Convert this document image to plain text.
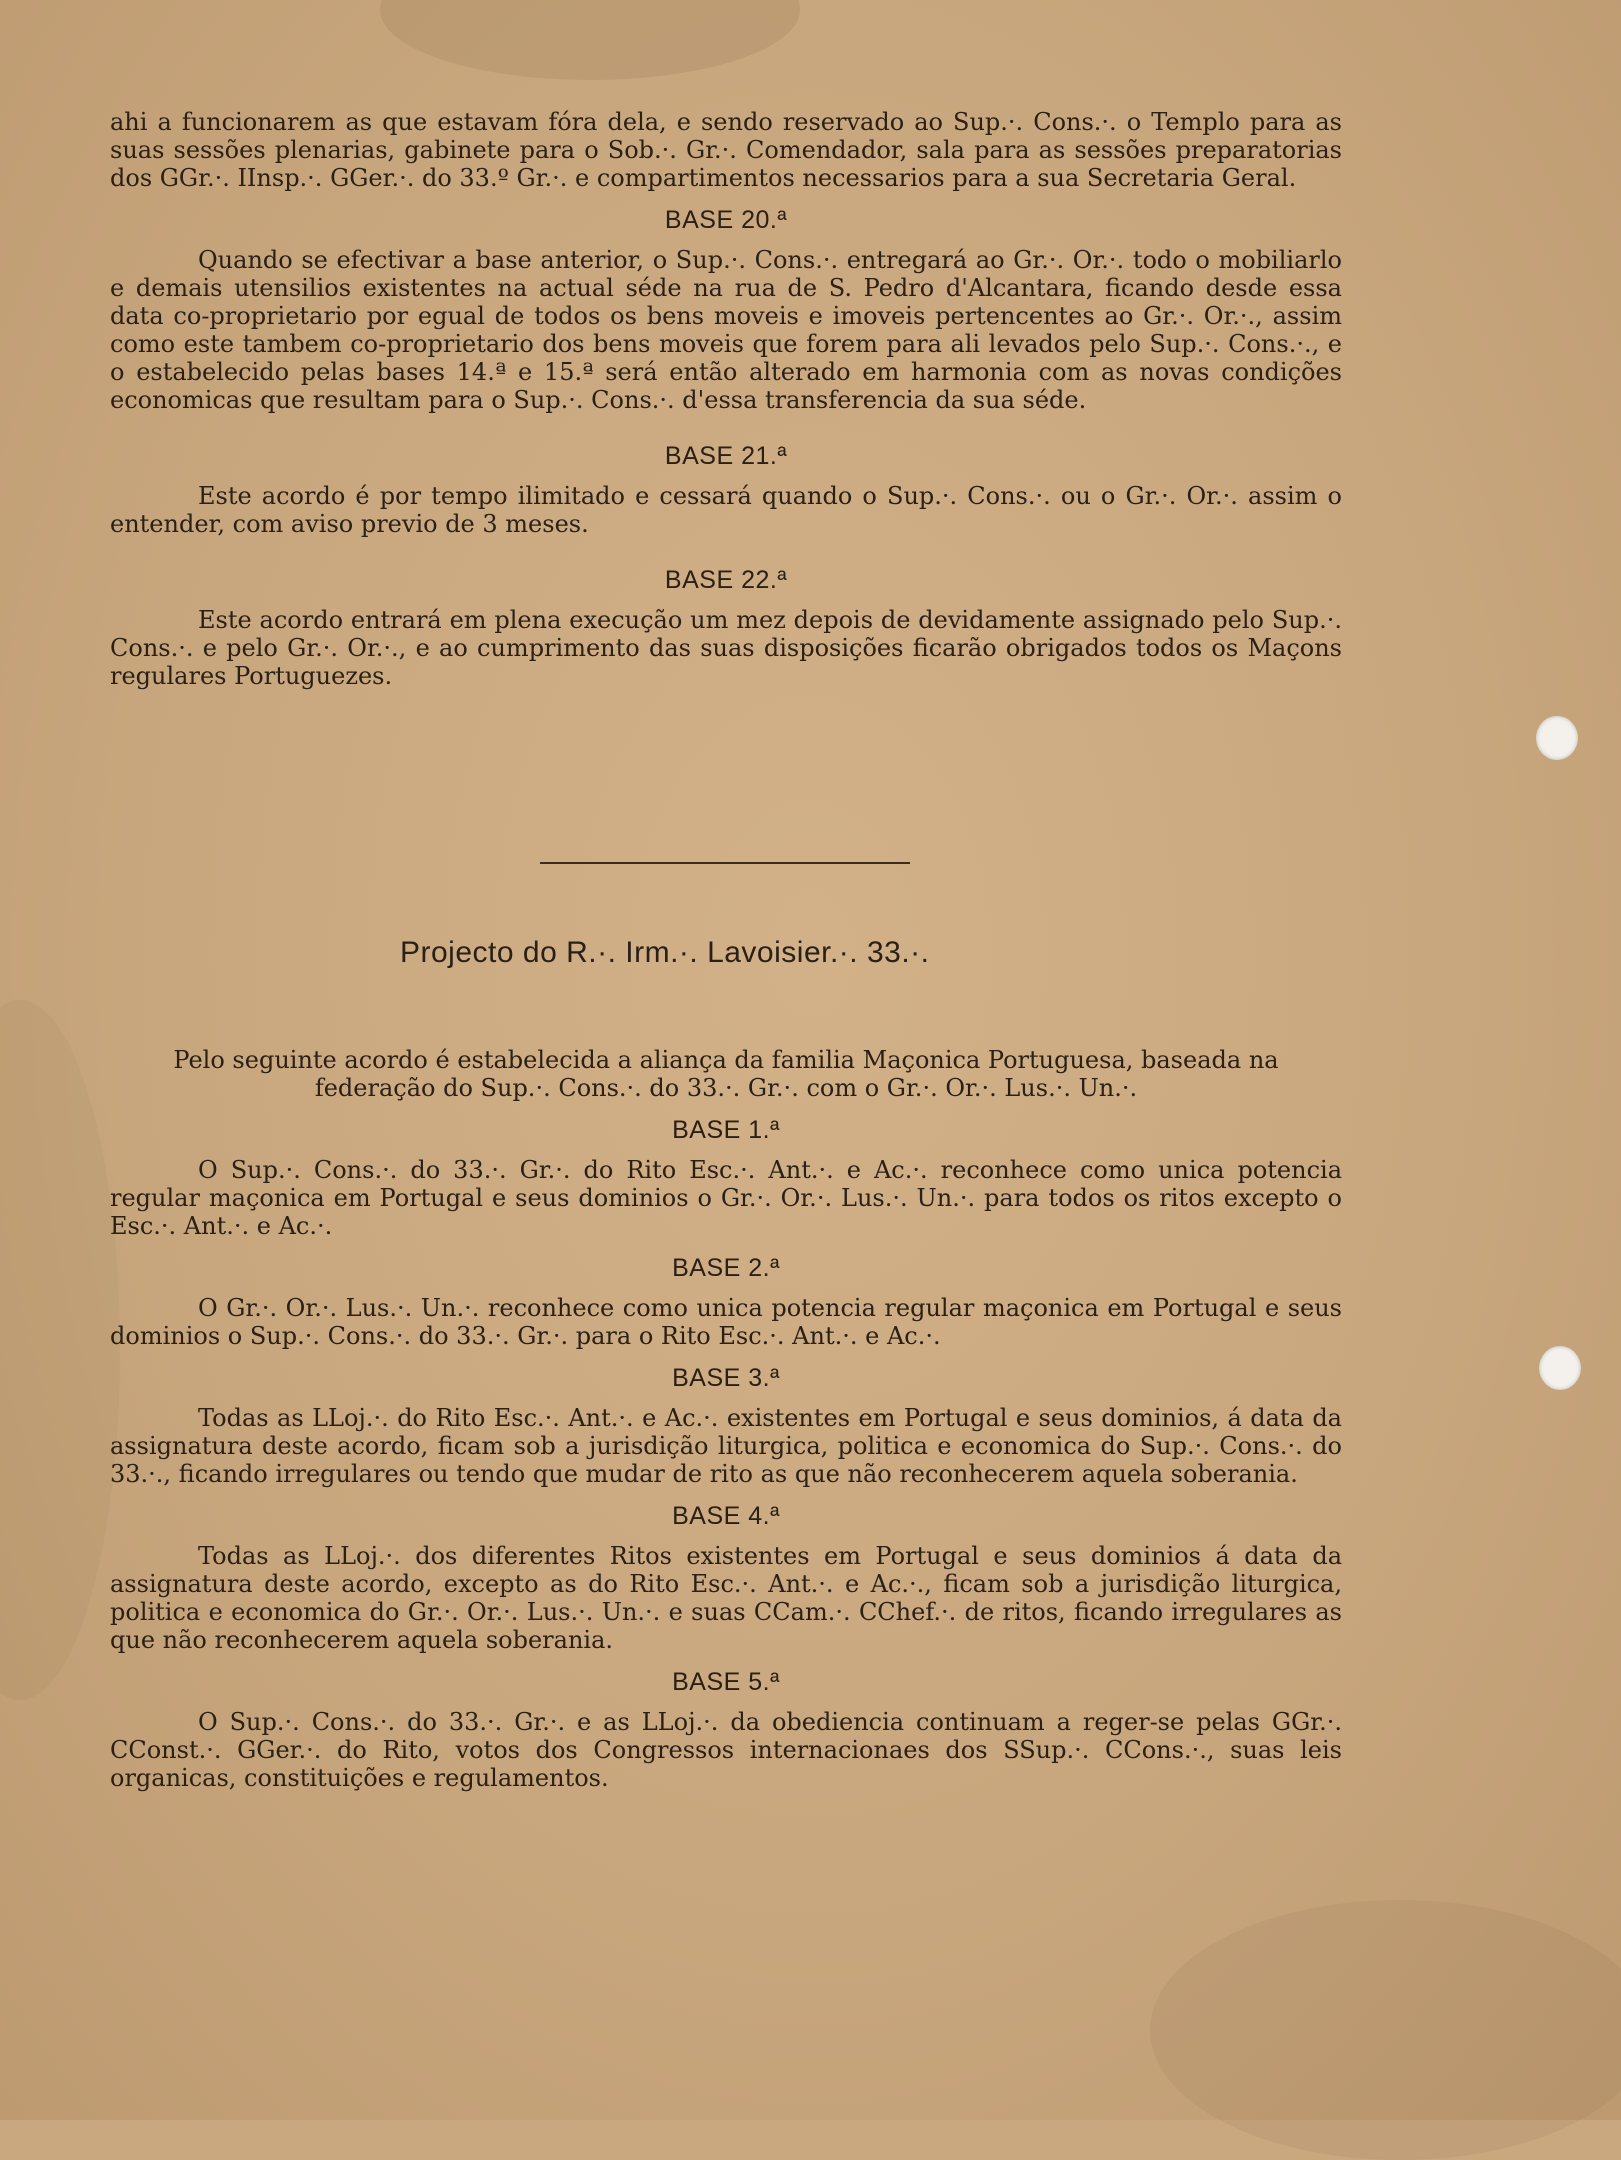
ahi a funcionarem as que estavam fóra dela, e sendo reservado ao Sup.·. Cons.·. o Templo para as suas sessões plenarias, gabinete para o Sob.·. Gr.·. Comendador, sala para as sessões preparatorias dos GGr.·. IInsp.·. GGer.·. do 33.º Gr.·. e compartimentos necessarios para a sua Secretaria Geral.

BASE 20.ª

Quando se efectivar a base anterior, o Sup.·. Cons.·. entregará ao Gr.·. Or.·. todo o mobiliarlo e demais utensilios existentes na actual séde na rua de S. Pedro d'Alcantara, ficando desde essa data co-proprietario por egual de todos os bens moveis e imoveis pertencentes ao Gr.·. Or.·., assim como este tambem co-proprietario dos bens moveis que forem para ali levados pelo Sup.·. Cons.·., e o estabelecido pelas bases 14.ª e 15.ª será então alterado em harmonia com as novas condições economicas que resultam para o Sup.·. Cons.·. d'essa transferencia da sua séde.

BASE 21.ª

Este acordo é por tempo ilimitado e cessará quando o Sup.·. Cons.·. ou o Gr.·. Or.·. assim o entender, com aviso previo de 3 meses.

BASE 22.ª

Este acordo entrará em plena execução um mez depois de devidamente assignado pelo Sup.·. Cons.·. e pelo Gr.·. Or.·., e ao cumprimento das suas disposições ficarão obrigados todos os Maçons regulares Portuguezes.

Projecto do R.·. Irm.·. Lavoisier.·. 33.·.

Pelo seguinte acordo é estabelecida a aliança da familia Maçonica Portuguesa, baseada na federação do Sup.·. Cons.·. do 33.·. Gr.·. com o Gr.·. Or.·. Lus.·. Un.·.

BASE 1.ª

O Sup.·. Cons.·. do 33.·. Gr.·. do Rito Esc.·. Ant.·. e Ac.·. reconhece como unica potencia regular maçonica em Portugal e seus dominios o Gr.·. Or.·. Lus.·. Un.·. para todos os ritos excepto o Esc.·. Ant.·. e Ac.·.

BASE 2.ª

O Gr.·. Or.·. Lus.·. Un.·. reconhece como unica potencia regular maçonica em Portugal e seus dominios o Sup.·. Cons.·. do 33.·. Gr.·. para o Rito Esc.·. Ant.·. e Ac.·.

BASE 3.ª

Todas as LLoj.·. do Rito Esc.·. Ant.·. e Ac.·. existentes em Portugal e seus dominios, á data da assignatura deste acordo, ficam sob a jurisdição liturgica, politica e economica do Sup.·. Cons.·. do 33.·., ficando irregulares ou tendo que mudar de rito as que não reconhecerem aquela soberania.

BASE 4.ª

Todas as LLoj.·. dos diferentes Ritos existentes em Portugal e seus dominios á data da assignatura deste acordo, excepto as do Rito Esc.·. Ant.·. e Ac.·., ficam sob a jurisdição liturgica, politica e economica do Gr.·. Or.·. Lus.·. Un.·. e suas CCam.·. CChef.·. de ritos, ficando irregulares as que não reconhecerem aquela soberania.

BASE 5.ª

O Sup.·. Cons.·. do 33.·. Gr.·. e as LLoj.·. da obediencia continuam a reger-se pelas GGr.·. CConst.·. GGer.·. do Rito, votos dos Congressos internacionaes dos SSup.·. CCons.·., suas leis organicas, constituições e regulamentos.
